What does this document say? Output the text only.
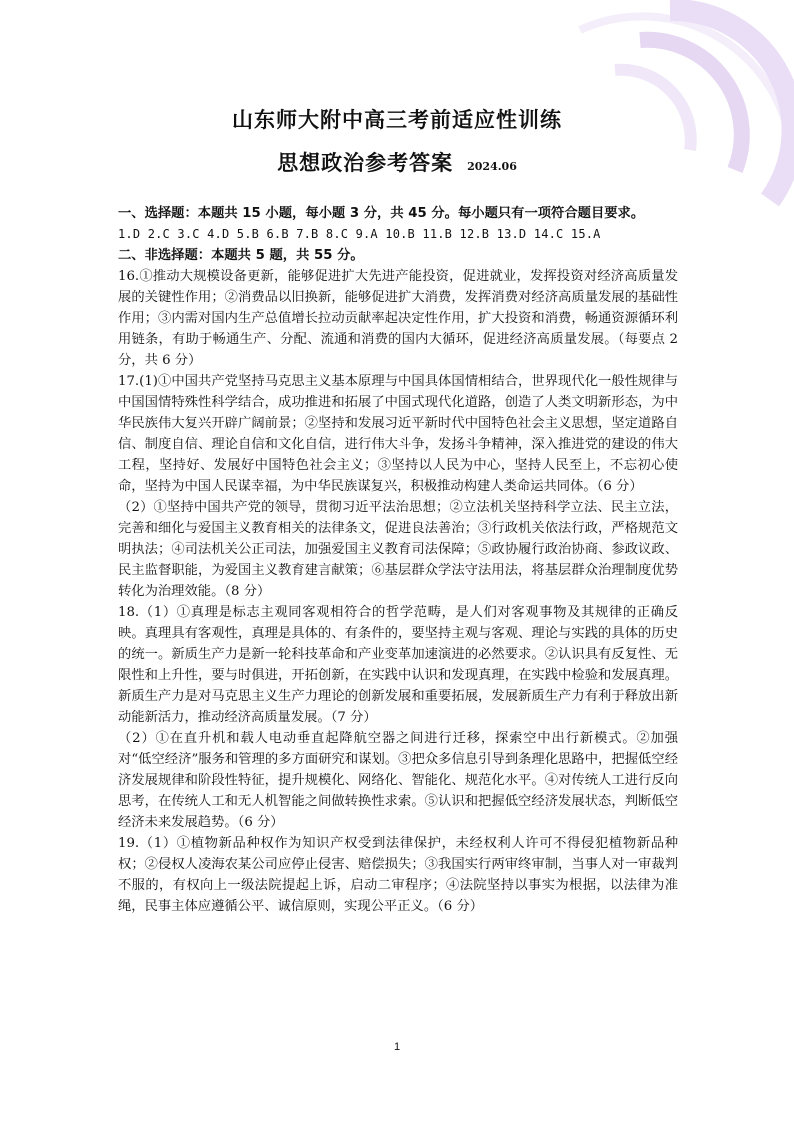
山东师大附中高三考前适应性训练
思想政治参考答案 2024.06

一、选择题：本题共 15 小题，每小题 3 分，共 45 分。每小题只有一项符合题目要求。

1.D 2.C 3.C 4.D 5.B 6.B 7.B 8.C 9.A 10.B 11.B 12.B 13.D 14.C 15.A

二、非选择题：本题共 5 题，共 55 分。

16.①推动大规模设备更新，能够促进扩大先进产能投资，促进就业，发挥投资对经济高质量发展的关键性作用；②消费品以旧换新，能够促进扩大消费，发挥消费对经济高质量发展的基础性作用；③内需对国内生产总值增长拉动贡献率起决定性作用，扩大投资和消费，畅通资源循环利用链条，有助于畅通生产、分配、流通和消费的国内大循环，促进经济高质量发展。（每要点 2 分，共 6 分）

17.(1)①中国共产党坚持马克思主义基本原理与中国具体国情相结合，世界现代化一般性规律与中国国情特殊性科学结合，成功推进和拓展了中国式现代化道路，创造了人类文明新形态，为中华民族伟大复兴开辟广阔前景；②坚持和发展习近平新时代中国特色社会主义思想，坚定道路自信、制度自信、理论自信和文化自信，进行伟大斗争，发扬斗争精神，深入推进党的建设的伟大工程，坚持好、发展好中国特色社会主义；③坚持以人民为中心，坚持人民至上，不忘初心使命，坚持为中国人民谋幸福，为中华民族谋复兴，积极推动构建人类命运共同体。（6 分）

（2）①坚持中国共产党的领导，贯彻习近平法治思想；②立法机关坚持科学立法、民主立法，完善和细化与爱国主义教育相关的法律条文，促进良法善治；③行政机关依法行政，严格规范文明执法；④司法机关公正司法，加强爱国主义教育司法保障；⑤政协履行政治协商、参政议政、民主监督职能，为爱国主义教育建言献策；⑥基层群众学法守法用法，将基层群众治理制度优势转化为治理效能。（8 分）

18.（1）①真理是标志主观同客观相符合的哲学范畴，是人们对客观事物及其规律的正确反映。真理具有客观性，真理是具体的、有条件的，要坚持主观与客观、理论与实践的具体的历史的统一。新质生产力是新一轮科技革命和产业变革加速演进的必然要求。②认识具有反复性、无限性和上升性，要与时俱进，开拓创新，在实践中认识和发现真理，在实践中检验和发展真理。新质生产力是对马克思主义生产力理论的创新发展和重要拓展，发展新质生产力有利于释放出新动能新活力，推动经济高质量发展。（7 分）

（2）①在直升机和载人电动垂直起降航空器之间进行迁移，探索空中出行新模式。②加强对“低空经济”服务和管理的多方面研究和谋划。③把众多信息引导到条理化思路中，把握低空经济发展规律和阶段性特征，提升规模化、网络化、智能化、规范化水平。④对传统人工进行反向思考，在传统人工和无人机智能之间做转换性求索。⑤认识和把握低空经济发展状态，判断低空经济未来发展趋势。（6 分）

19.（1）①植物新品种权作为知识产权受到法律保护，未经权利人许可不得侵犯植物新品种权；②侵权人凌海农某公司应停止侵害、赔偿损失；③我国实行两审终审制，当事人对一审裁判不服的，有权向上一级法院提起上诉，启动二审程序；④法院坚持以事实为根据，以法律为准绳，民事主体应遵循公平、诚信原则，实现公平正义。（6 分）

1
